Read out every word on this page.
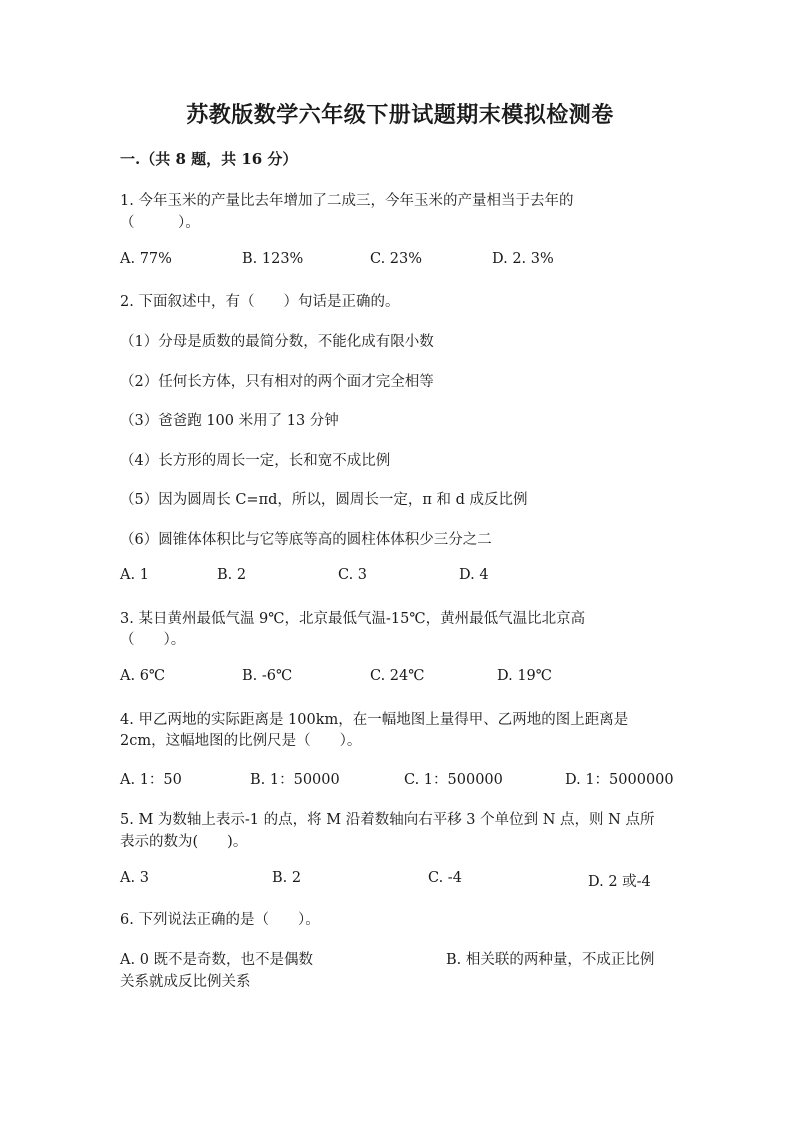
苏教版数学六年级下册试题期末模拟检测卷
一.（共 8 题，共 16 分）
1. 今年玉米的产量比去年增加了二成三，今年玉米的产量相当于去年的
（　　　）。
A. 77%	B. 123%	C. 23%	D. 2. 3%
2. 下面叙述中，有（　　）句话是正确的。
（1）分母是质数的最简分数，不能化成有限小数
（2）任何长方体，只有相对的两个面才完全相等
（3）爸爸跑 100 米用了 13 分钟
（4）长方形的周长一定，长和宽不成比例
（5）因为圆周长 C=πd，所以，圆周长一定，π 和 d 成反比例
（6）圆锥体体积比与它等底等高的圆柱体体积少三分之二
A. 1	B. 2	C. 3	D. 4
3. 某日黄州最低气温 9℃，北京最低气温-15℃，黄州最低气温比北京高
（　　）。
A. 6℃	B. -6℃	C. 24℃	D. 19℃
4. 甲乙两地的实际距离是 100km，在一幅地图上量得甲、乙两地的图上距离是
2cm，这幅地图的比例尺是（　　）。
A. 1：50	B. 1：50000	C. 1：500000	D. 1：5000000
5. M 为数轴上表示-1 的点，将 M 沿着数轴向右平移 3 个单位到 N 点，则 N 点所
表示的数为(　　)。
A. 3	B. 2	C. -4	D. 2 或-4
6. 下列说法正确的是（　　）。
A. 0 既不是奇数，也不是偶数	B. 相关联的两种量，不成正比例
关系就成反比例关系
